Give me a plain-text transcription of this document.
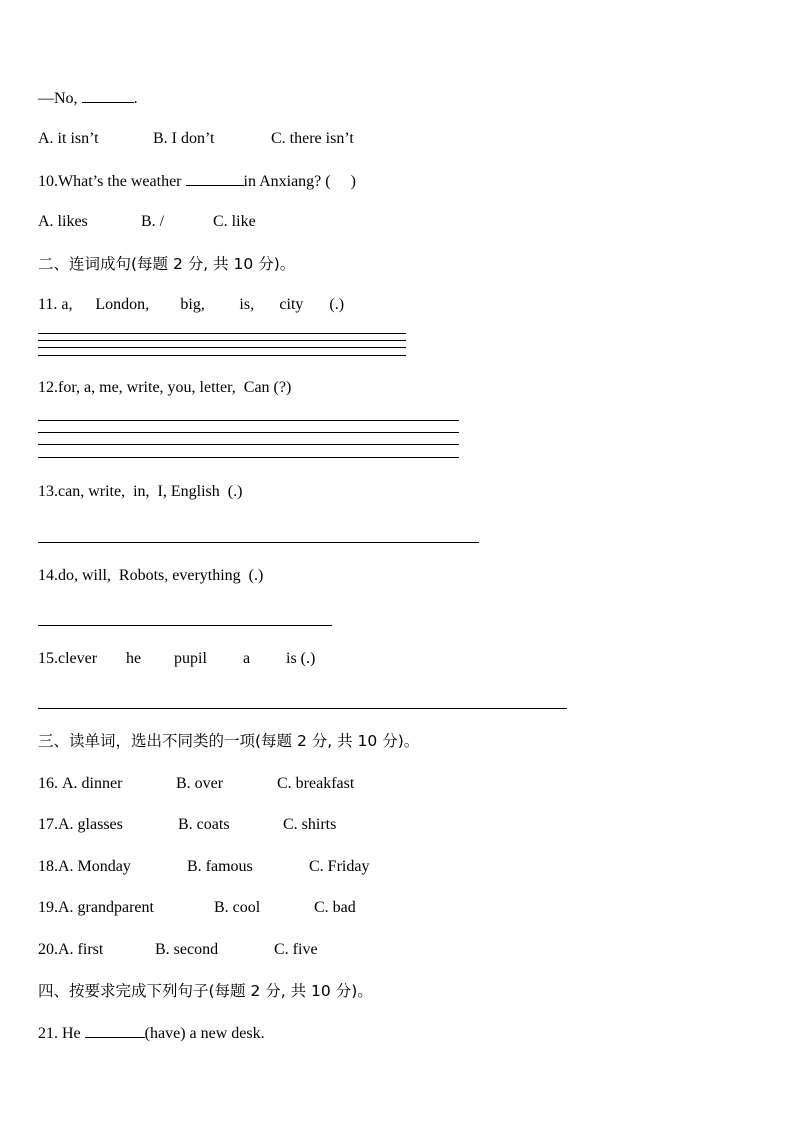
—No,	.
A. it isn’t	B. I don’t	C. there isn’t
10.What’s the weather	in Anxiang? (     )
A. likes	B. /	C. like
二、连词成句(每题 2 分, 共 10 分)。
11. a, London, big, is, city (.)
12.for, a, me, write, you, letter,  Can (?)
13.can, write,  in,  I, English  (.)
14.do, will,  Robots, everything  (.)
15.clever he pupil a is (.)
三、读单词，选出不同类的一项(每题 2 分, 共 10 分)。
16. A. dinner	B. over	C. breakfast
17.A. glasses	B. coats	C. shirts
18.A. Monday	B. famous	C. Friday
19.A. grandparent	B. cool	C. bad
20.A. first	B. second	C. five
四、按要求完成下列句子(每题 2 分, 共 10 分)。
21. He	(have) a new desk.
